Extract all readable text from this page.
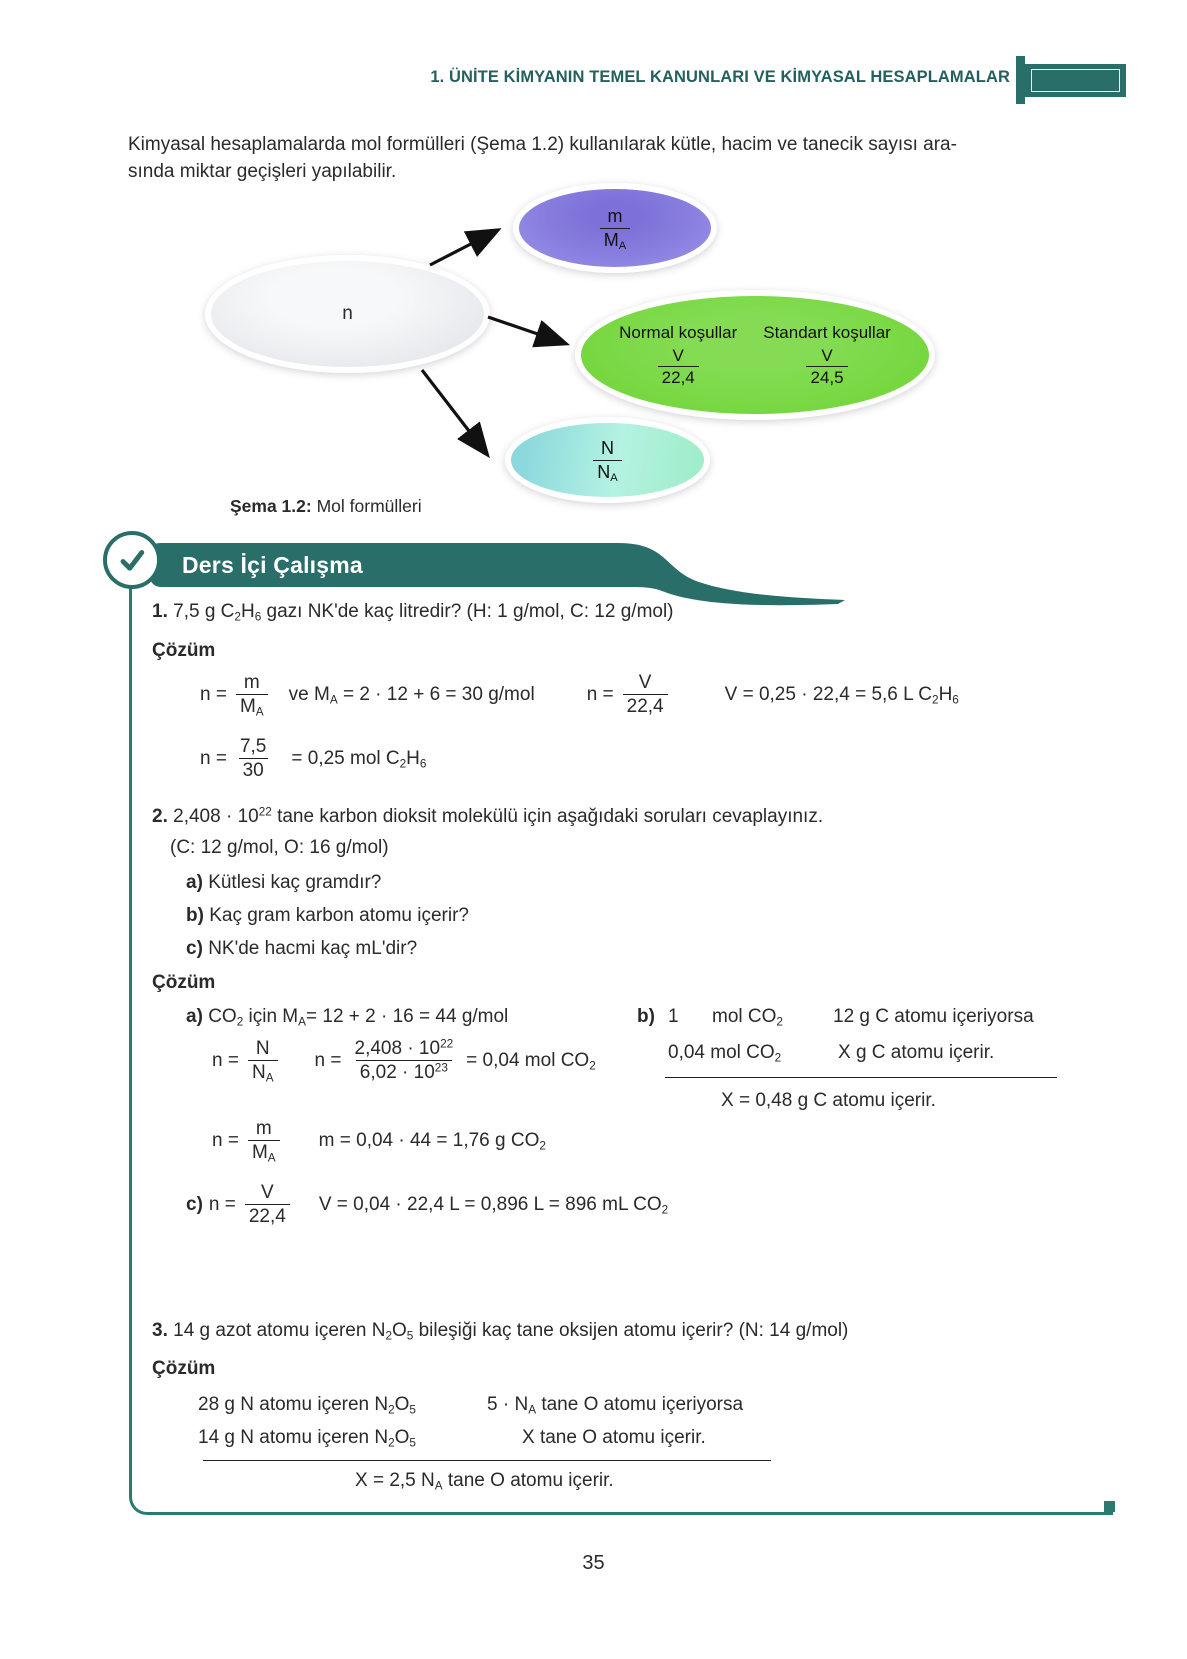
1. ÜNİTE KİMYANIN TEMEL KANUNLARI VE KİMYASAL HESAPLAMALAR
Kimyasal hesaplamalarda mol formülleri (Şema 1.2) kullanılarak kütle, hacim ve tanecik sayısı ara-
sında miktar geçişleri yapılabilir.
n
$\frac{m}{M_A}$
Normal koşullar
$\frac{V}{22,4}$
Standart koşullar
$\frac{V}{24,5}$
$\frac{N}{N_A}$
Şema 1.2: Mol formülleri
Ders İçi Çalışma
1. 7,5 g $C_2H_6$ gazı NK'de kaç litredir? (H: 1 g/mol, C: 12 g/mol)
Çözüm
$n = \frac{m}{M_A}$ ve $M_A = 2 \cdot 12 + 6 = 30$ g/mol	$n = \frac{V}{22,4}$	V = 0,25 · 22,4 = 5,6 L $C_2H_6$
$n = \frac{7,5}{30} = 0,25$ mol $C_2H_6$
2. $2,408 \cdot 10^{22}$ tane karbon dioksit molekülü için aşağıdaki soruları cevaplayınız.
(C: 12 g/mol, O: 16 g/mol)
a) Kütlesi kaç gramdır?
b) Kaç gram karbon atomu içerir?
c) NK'de hacmi kaç mL'dir?
Çözüm
a) $CO_2$ için $M_A= 12 + 2 \cdot 16 = 44$ g/mol
$n = \frac{N}{N_A}$ $n = \frac{2,408 \cdot 10^{22}}{6,02 \cdot 10^{23}} = 0,04$ mol $CO_2$
$n = \frac{m}{M_A}$ m = 0,04 · 44 = 1,76 g $CO_2$
b) 1 mol $CO_2$	12 g C atomu içeriyorsa
0,04 mol $CO_2$	X g C atomu içerir.
X = 0,48 g C atomu içerir.
c) $n = \frac{V}{22,4}$ V = 0,04 · 22,4 L = 0,896 L = 896 mL $CO_2$
3. 14 g azot atomu içeren $N_2O_5$ bileşiği kaç tane oksijen atomu içerir? (N: 14 g/mol)
Çözüm
28 g N atomu içeren $N_2O_5$	$5 \cdot N_A$ tane O atomu içeriyorsa
14 g N atomu içeren $N_2O_5$	X tane O atomu içerir.
X = 2,5 $N_A$ tane O atomu içerir.
35
